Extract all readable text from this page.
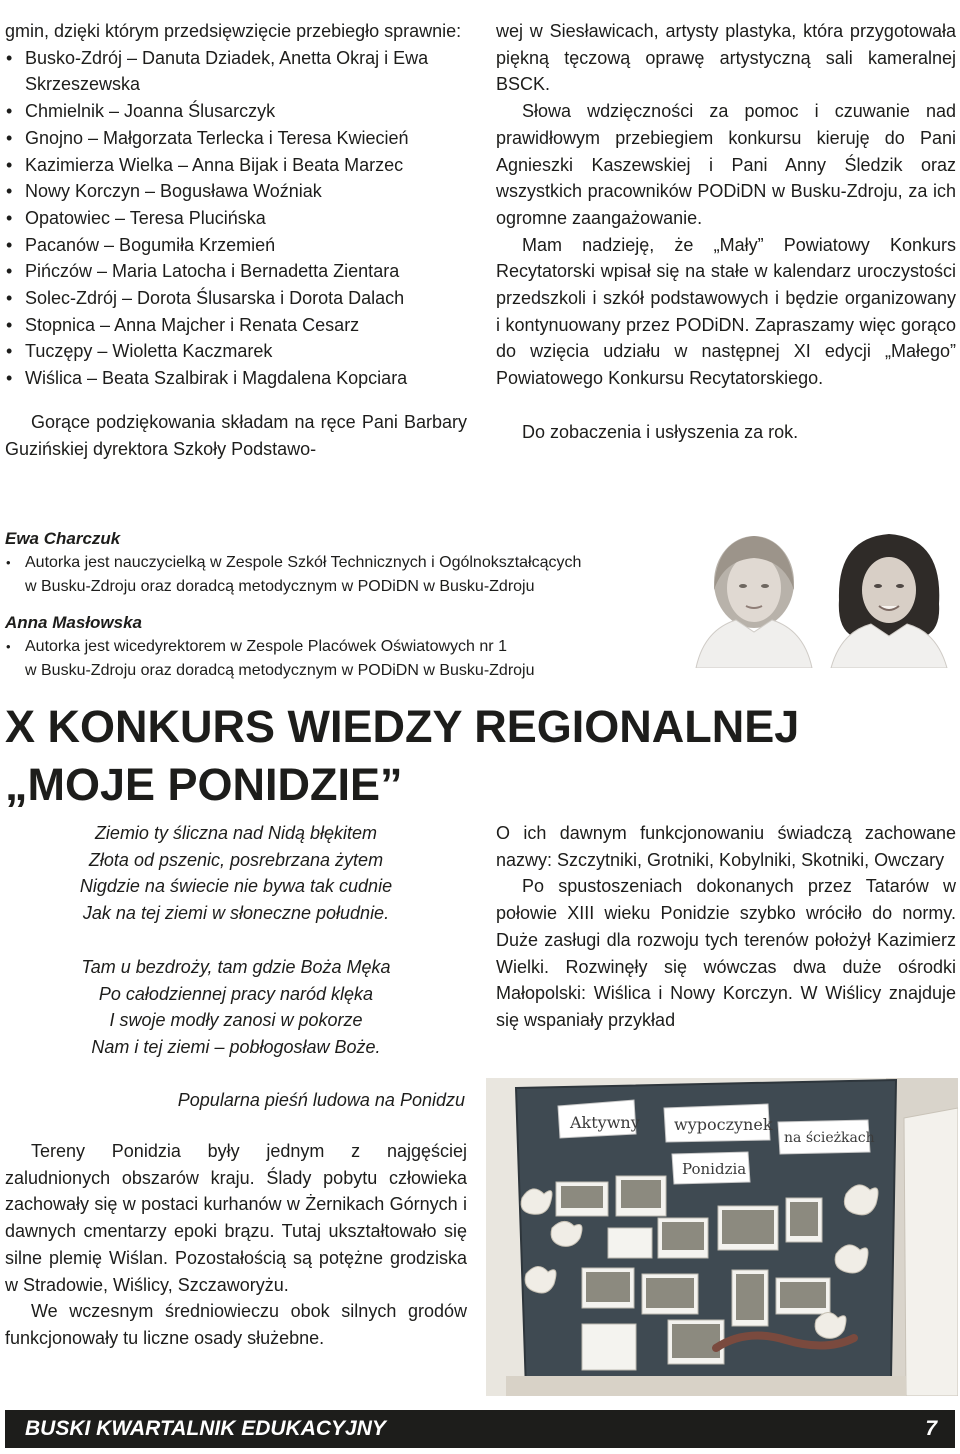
gmin, dzięki którym przedsięwzięcie przebiegło sprawnie:

• Busko-Zdrój – Danuta Dziadek, Anetta Okraj i Ewa Skrzeszewska
• Chmielnik – Joanna Ślusarczyk
• Gnojno – Małgorzata Terlecka i Teresa Kwiecień
• Kazimierza Wielka – Anna Bijak i Beata Marzec
• Nowy Korczyn – Bogusława Woźniak
• Opatowiec – Teresa Plucińska
• Pacanów – Bogumiła Krzemień
• Pińczów – Maria Latocha i Bernadetta Zientara
• Solec-Zdrój – Dorota Ślusarska i Dorota Dalach
• Stopnica – Anna Majcher i Renata Cesarz
• Tuczępy – Wioletta Kaczmarek
• Wiślica – Beata Szalbirak i Magdalena Kopciara

Gorące podziękowania składam na ręce Pani Barbary Guzińskiej dyrektora Szkoły Podstawo-

wej w Siesławicach, artysty plastyka, która przygotowała piękną tęczową oprawę artystyczną sali kameralnej BSCK.

Słowa wdzięczności za pomoc i czuwanie nad prawidłowym przebiegiem konkursu kieruję do Pani Agnieszki Kaszewskiej i Pani Anny Śledzik oraz wszystkich pracowników PODiDN w Busku-Zdroju, za ich ogromne zaangażowanie.

Mam nadzieję, że „Mały” Powiatowy Konkurs Recytatorski wpisał się na stałe w kalendarz uroczystości przedszkoli i szkół podstawowych i będzie organizowany i kontynuowany przez PODiDN. Zapraszamy więc gorąco do wzięcia udziału w następnej XI edycji „Małego” Powiatowego Konkursu Recytatorskiego.

Do zobaczenia i usłyszenia za rok.

Ewa Charczuk
• Autorka jest nauczycielką w Zespole Szkół Technicznych i Ogólnokształcących
w Busku-Zdroju oraz doradcą metodycznym w PODiDN w Busku-Zdroju
Anna Masłowska
• Autorka jest wicedyrektorem w Zespole Placówek Oświatowych nr 1
w Busku-Zdroju oraz doradcą metodycznym w PODiDN w Busku-Zdroju
X KONKURS WIEDZY REGIONALNEJ
„MOJE PONIDZIE”
Ziemio ty śliczna nad Nidą błękitem
Złota od pszenic, posrebrzana żytem
Nigdzie na świecie nie bywa tak cudnie
Jak na tej ziemi w słoneczne południe.
Tam u bezdroży, tam gdzie Boża Męka
Po całodziennej pracy naród klęka
I swoje modły zanosi w pokorze
Nam i tej ziemi – pobłogosław Boże.
Popularna pieśń ludowa na Ponidzu

Tereny Ponidzia były jednym z najgęściej zaludnionych obszarów kraju. Ślady pobytu człowieka zachowały się w postaci kurhanów w Żernikach Górnych i dawnych cmentarzy epoki brązu. Tutaj ukształtowało się silne plemię Wiślan. Pozostałością są potężne grodziska w Stradowie, Wiślicy, Szczaworyżu.

We wczesnym średniowieczu obok silnych grodów funkcjonowały tu liczne osady służebne.

O ich dawnym funkcjonowaniu świadczą zachowane nazwy: Szczytniki, Grotniki, Kobylniki, Skotniki, Owczary

Po spustoszeniach dokonanych przez Tatarów w połowie XIII wieku Ponidzie szybko wróciło do normy. Duże zasługi dla rozwoju tych terenów położył Kazimierz Wielki. Rozwinęły się wówczas dwa duże ośrodki Małopolski: Wiślica i Nowy Korczyn. W Wiślicy znajduje się wspaniały przykład

Aktywny wypoczynek
na ścieżkach
Ponidzia
BUSKI KWARTALNIK EDUKACYJNY	7
